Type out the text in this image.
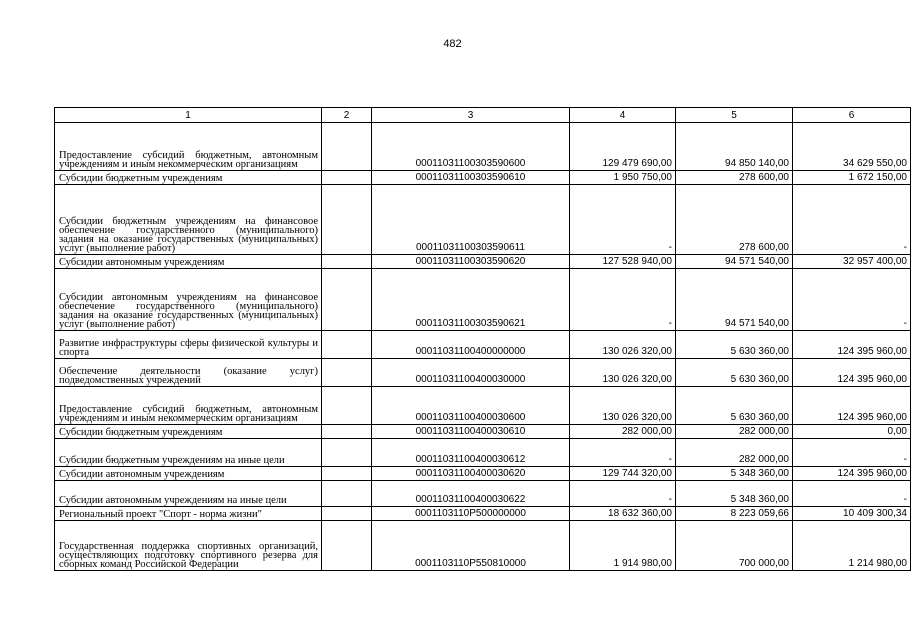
482
1	2	3	4	5	6
Предоставление субсидий бюджетным, автономным учреждениям и иным некоммерческим организациям		00011031100303590600	129 479 690,00	94 850 140,00	34 629 550,00
Субсидии бюджетным учреждениям		00011031100303590610	1 950 750,00	278 600,00	1 672 150,00
Субсидии бюджетным учреждениям на финансовое обеспечение государственного (муниципального) задания на оказание государственных (муниципальных) услуг (выполнение работ)		00011031100303590611	-	278 600,00	-
Субсидии автономным учреждениям		00011031100303590620	127 528 940,00	94 571 540,00	32 957 400,00
Субсидии автономным учреждениям на финансовое обеспечение государственного (муниципального) задания на оказание государственных (муниципальных) услуг (выполнение работ)		00011031100303590621	-	94 571 540,00	-
Развитие инфраструктуры сферы физической культуры и спорта		00011031100400000000	130 026 320,00	5 630 360,00	124 395 960,00
Обеспечение деятельности (оказание услуг) подведомственных учреждений		00011031100400030000	130 026 320,00	5 630 360,00	124 395 960,00
Предоставление субсидий бюджетным, автономным учреждениям и иным некоммерческим организациям		00011031100400030600	130 026 320,00	5 630 360,00	124 395 960,00
Субсидии бюджетным учреждениям		00011031100400030610	282 000,00	282 000,00	0,00
Субсидии бюджетным учреждениям на иные цели		00011031100400030612	-	282 000,00	-
Субсидии автономным учреждениям		00011031100400030620	129 744 320,00	5 348 360,00	124 395 960,00
Субсидии автономным учреждениям на иные цели		00011031100400030622	-	5 348 360,00	-
Региональный проект "Спорт - норма жизни"		0001103110P500000000	18 632 360,00	8 223 059,66	10 409 300,34
Государственная поддержка спортивных организаций, осуществляющих подготовку спортивного резерва для сборных команд Российской Федерации		0001103110P550810000	1 914 980,00	700 000,00	1 214 980,00
